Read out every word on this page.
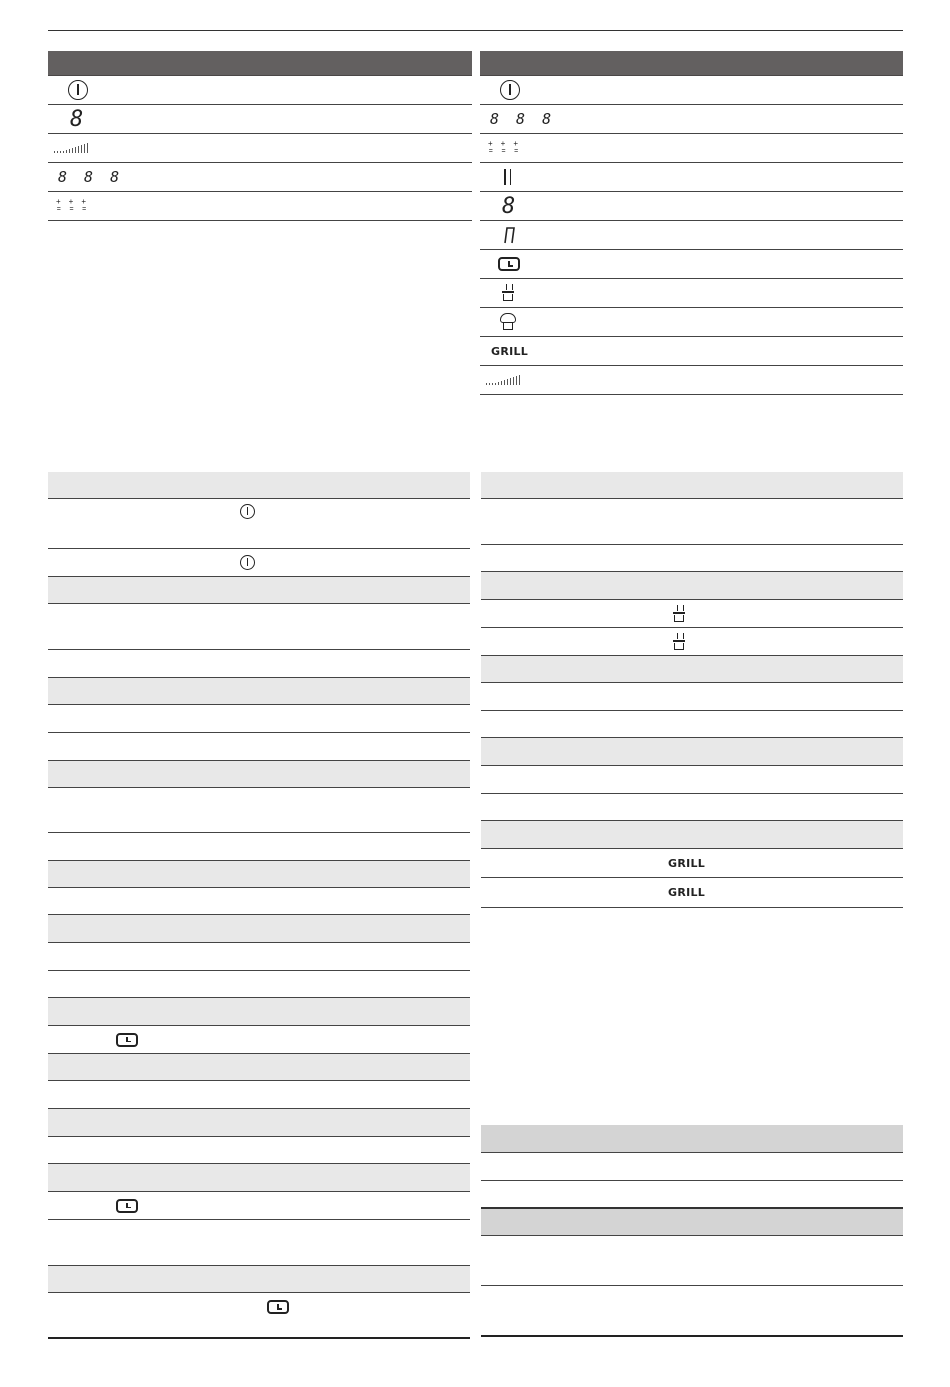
8
8 8 8
+
=
+
=
+
=
8 8 8
+
=
+
=
+
=
8
GRILL
GRILL
GRILL
